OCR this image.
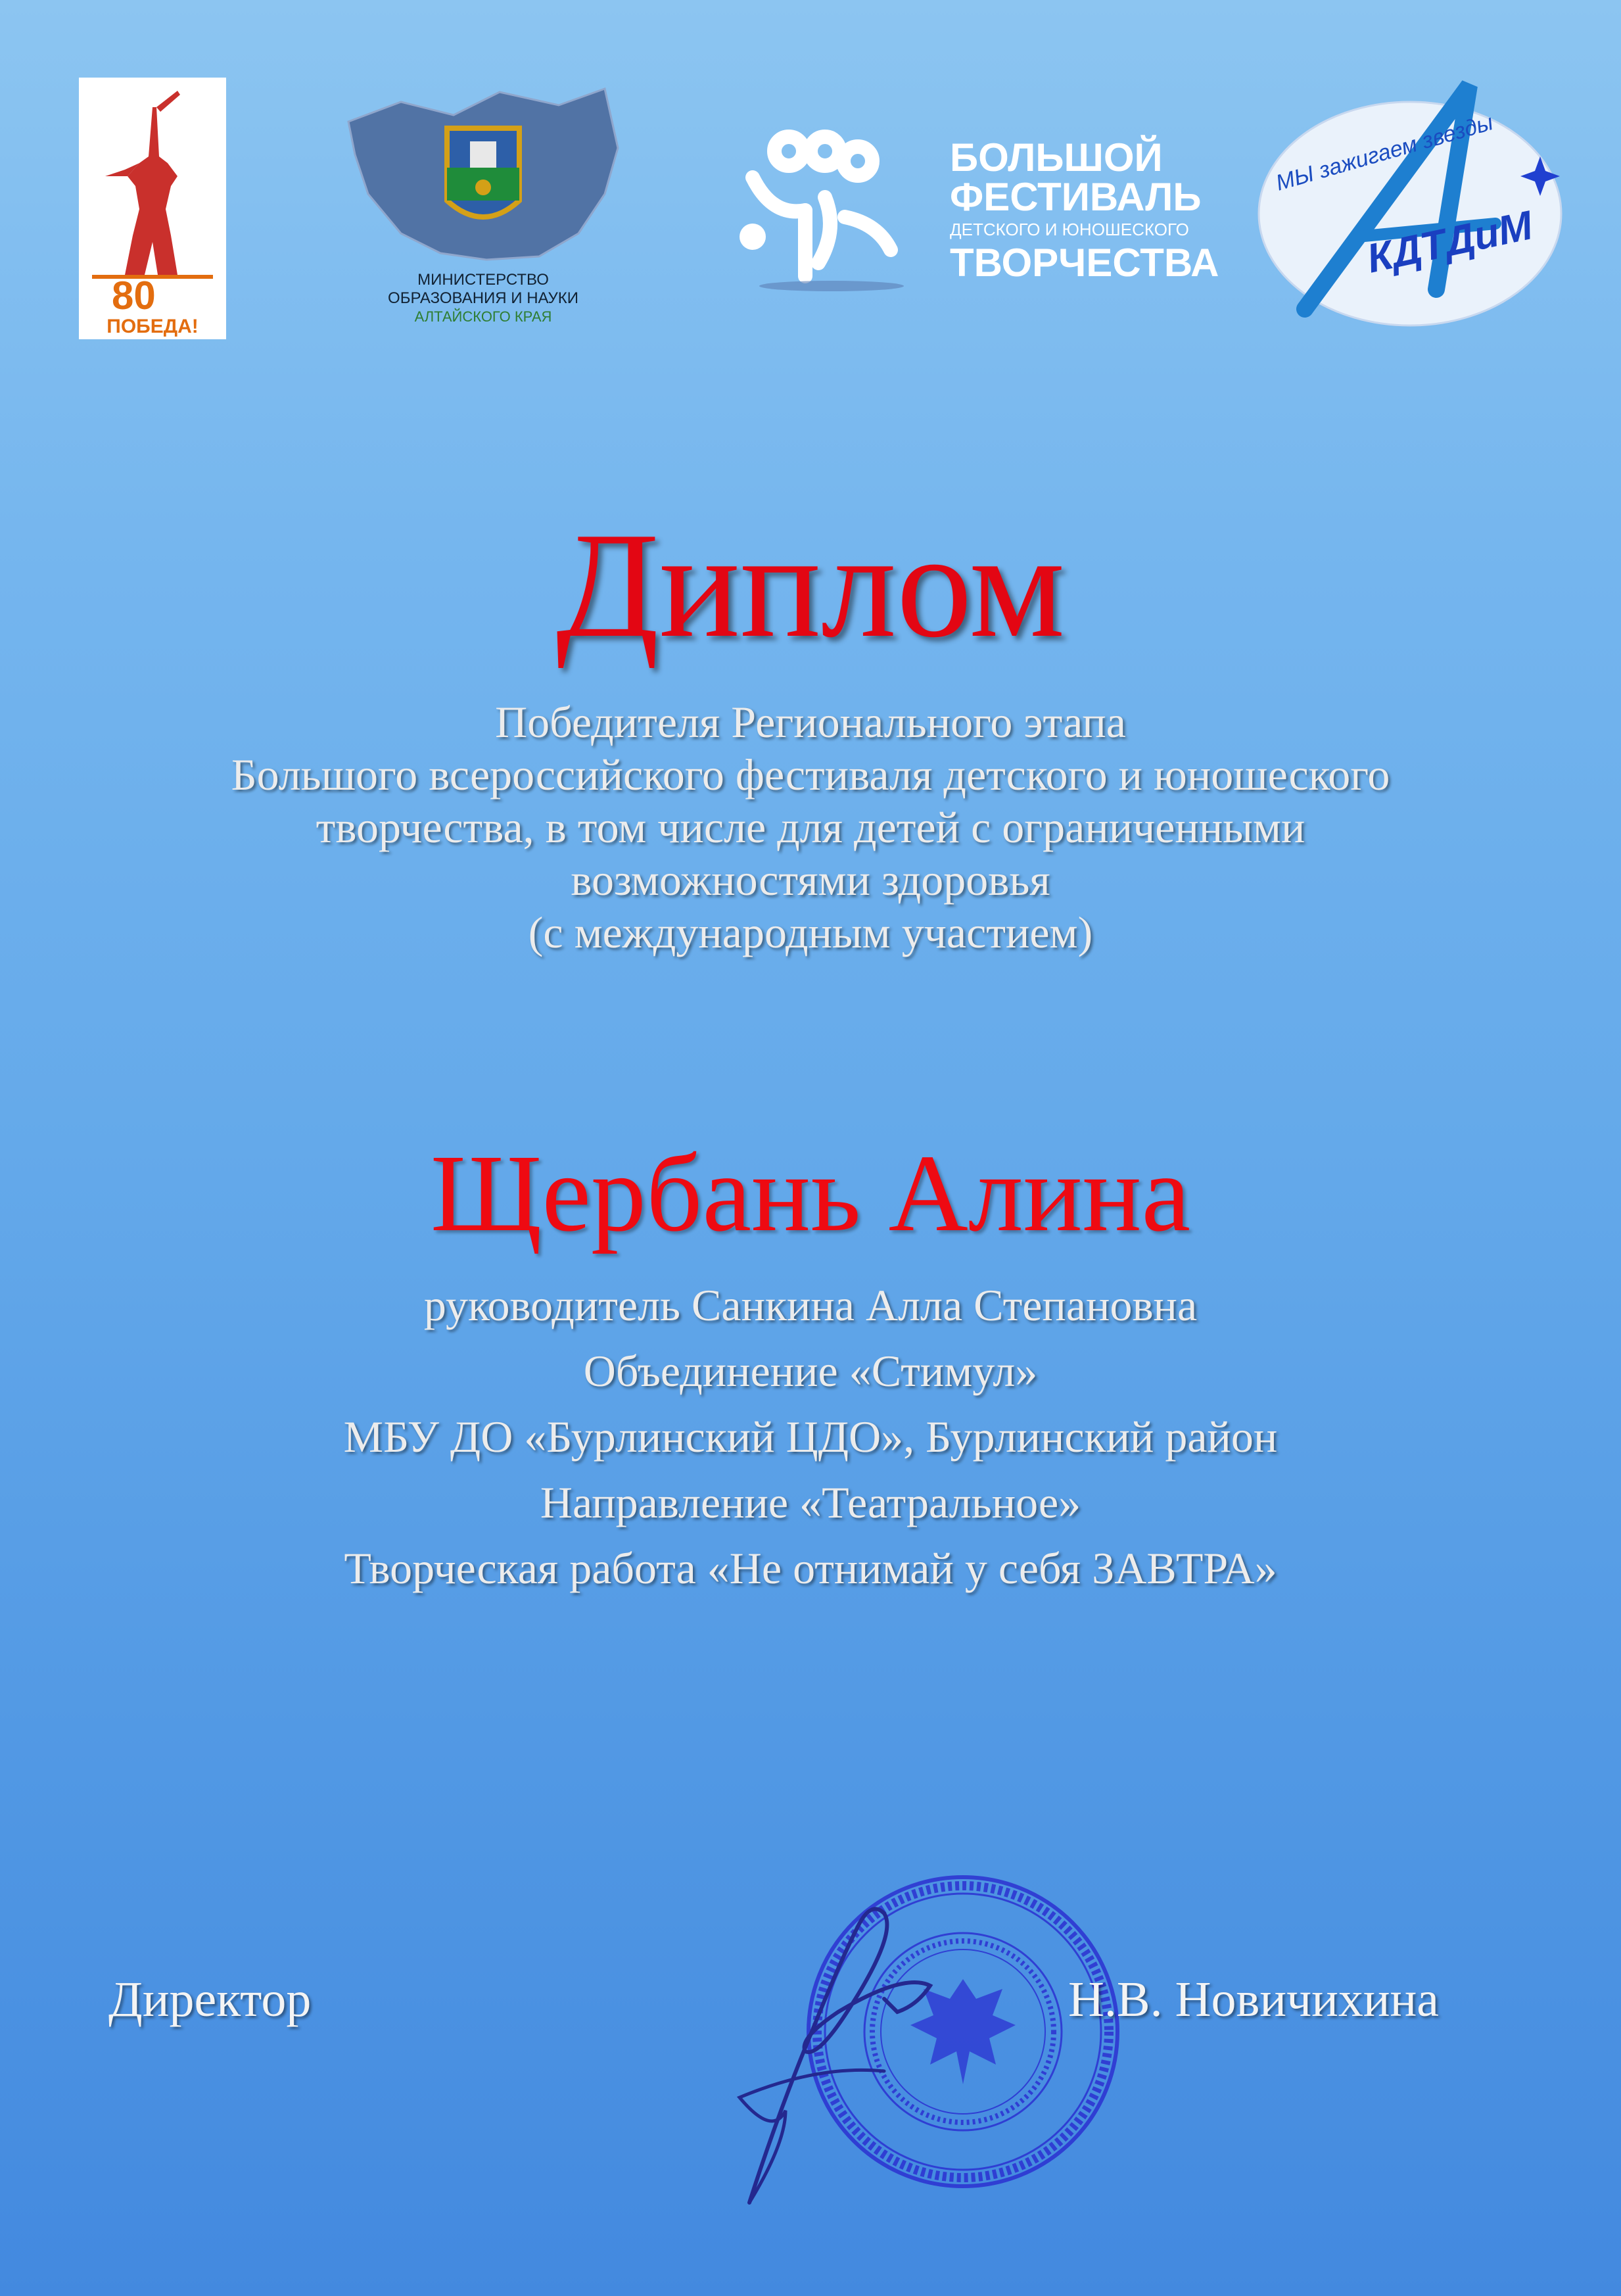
80
ПОБЕДА!
МИНИСТЕРСТВО
ОБРАЗОВАНИЯ И НАУКИ
АЛТАЙСКОГО КРАЯ
БОЛЬШОЙ
ФЕСТИВАЛЬ
ДЕТСКОГО И ЮНОШЕСКОГО
ТВОРЧЕСТВА
МЫ зажигаем звезды
КДТДиМ
Диплом
Победителя Регионального этапа
Большого всероссийского фестиваля детского и юношеского
творчества, в том числе для детей с ограниченными
возможностями здоровья
(с международным участием)
Щербань Алина
руководитель Санкина Алла Степановна
Объединение «Стимул»
МБУ ДО «Бурлинский ЦДО», Бурлинский район
Направление «Театральное»
Творческая работа «Не отнимай у себя ЗАВТРА»
Директор	Н.В. Новичихина
